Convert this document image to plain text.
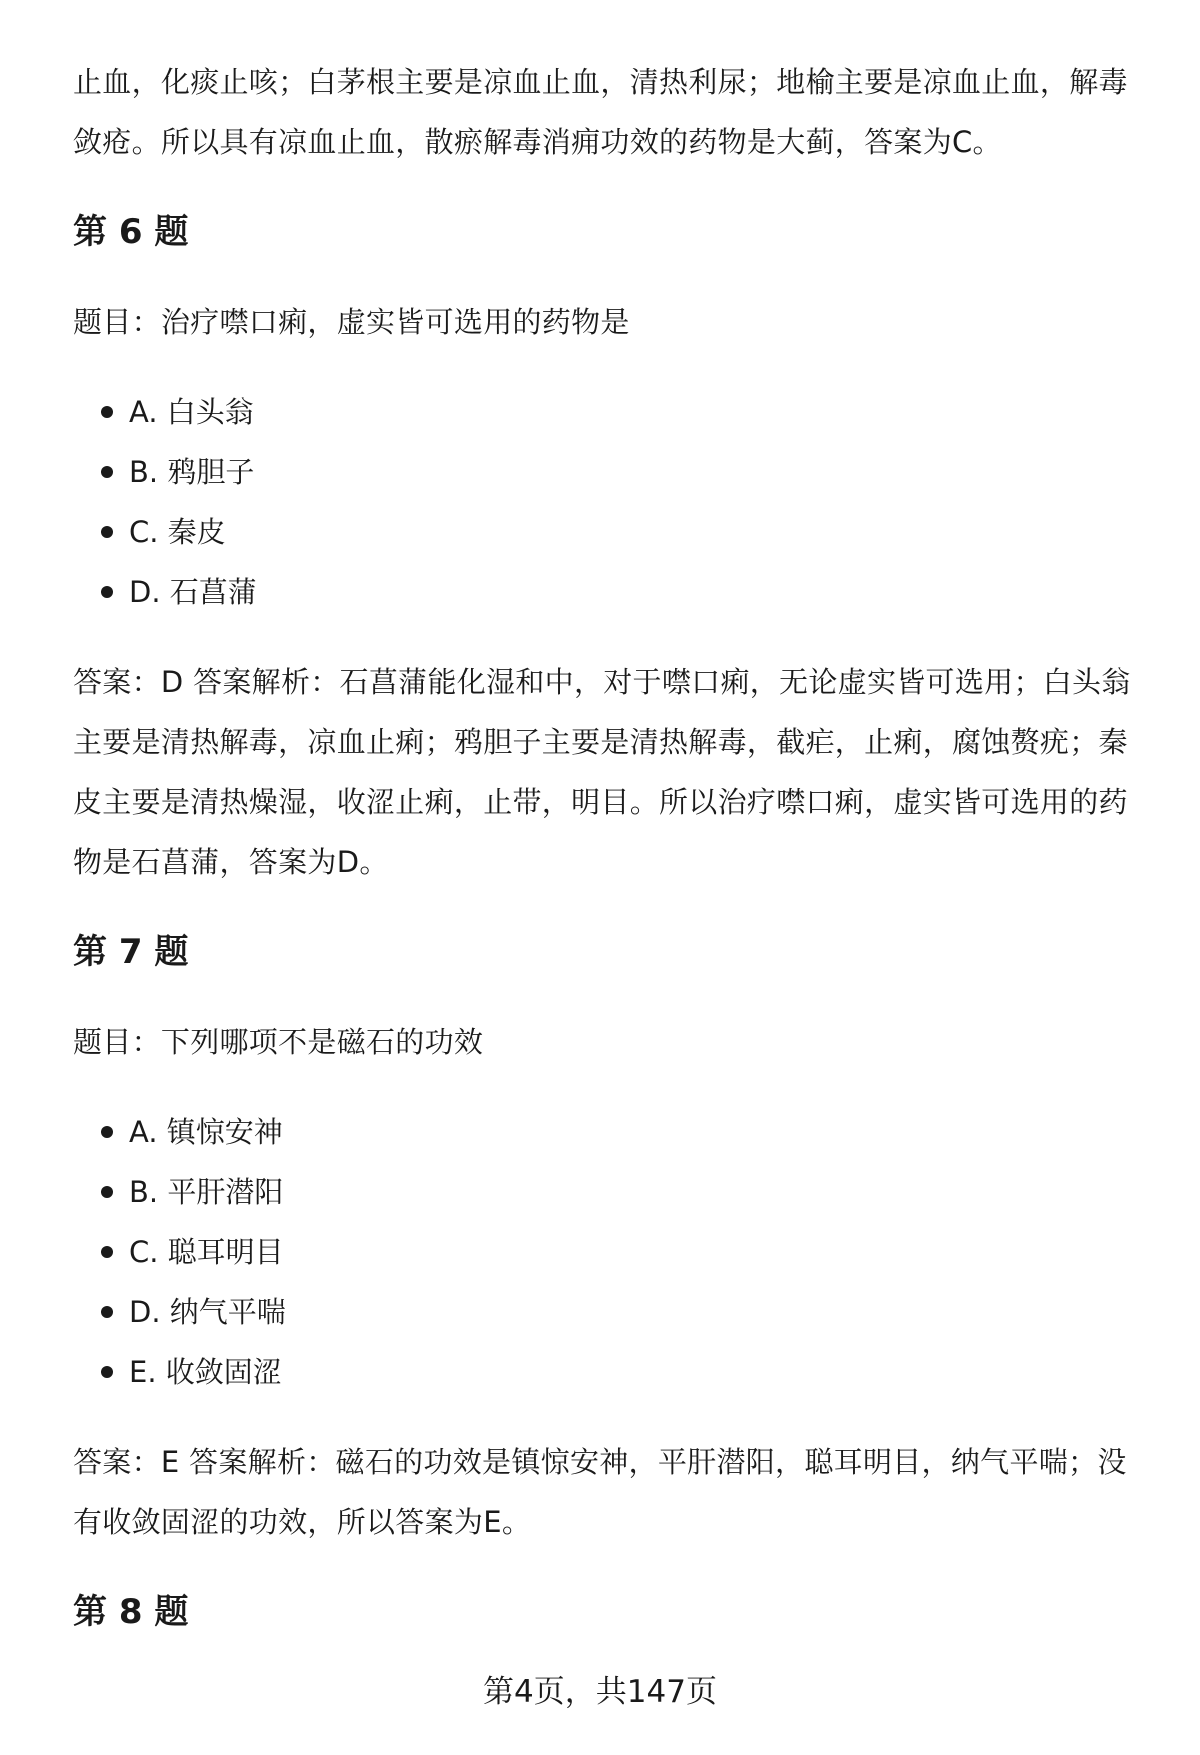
止血，化痰止咳；白茅根主要是凉血止血，清热利尿；地榆主要是凉血止血，解毒敛疮。所以具有凉血止血，散瘀解毒消痈功效的药物是大蓟，答案为C。

第 6 题

题目：治疗噤口痢，虚实皆可选用的药物是

A. 白头翁
B. 鸦胆子
C. 秦皮
D. 石菖蒲

答案：D 答案解析：石菖蒲能化湿和中，对于噤口痢，无论虚实皆可选用；白头翁主要是清热解毒，凉血止痢；鸦胆子主要是清热解毒，截疟，止痢，腐蚀赘疣；秦皮主要是清热燥湿，收涩止痢，止带，明目。所以治疗噤口痢，虚实皆可选用的药物是石菖蒲，答案为D。

第 7 题

题目：下列哪项不是磁石的功效

A. 镇惊安神
B. 平肝潜阳
C. 聪耳明目
D. 纳气平喘
E. 收敛固涩

答案：E 答案解析：磁石的功效是镇惊安神，平肝潜阳，聪耳明目，纳气平喘；没有收敛固涩的功效，所以答案为E。

第 8 题
第4页，共147页
